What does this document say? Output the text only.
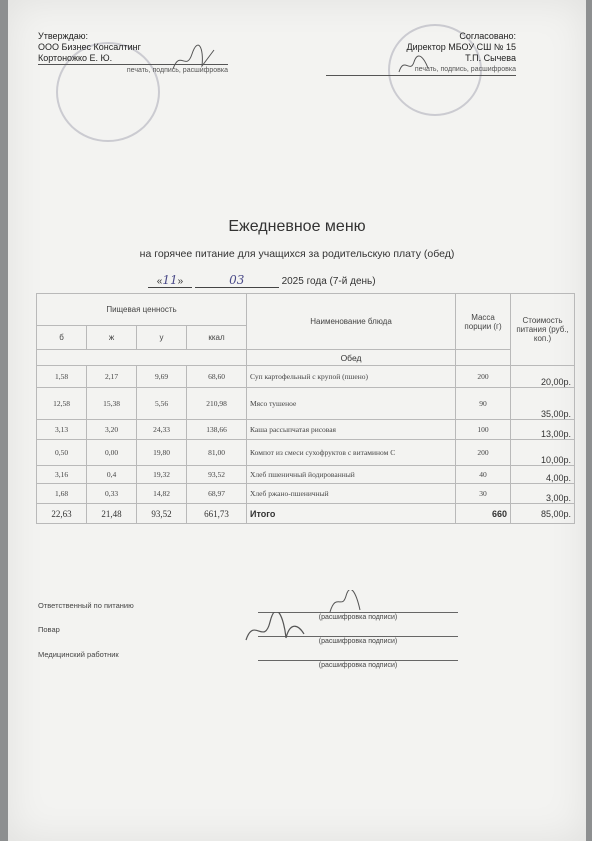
Утверждаю:
ООО Бизнес Консалтинг
Кортоножко Е. Ю.
печать, подпись, расшифровка
Согласовано:
Директор МБОУ СШ № 15
Т.П. Сычева
печать, подпись, расшифровка
Ежедневное меню
на горячее питание для учащихся за родительскую плату (обед)
«11»	03	2025 года (7-й день)
Пищевая ценность				Наименование блюда	Масса порции (г)	Стоимость питания (руб., коп.)
б	ж	у	ккал			
				Обед		
1,58	2,17	9,69	68,60	Суп картофельный с крупой (пшено)	200	20,00р.
12,58	15,38	5,56	210,98	Мясо тушеное	90	35,00р.
3,13	3,20	24,33	138,66	Каша рассыпчатая рисовая	100	13,00р.
0,50	0,00	19,80	81,00	Компот из смеси сухофруктов с витамином С	200	10,00р.
3,16	0,4	19,32	93,52	Хлеб пшеничный йодированный	40	4,00р.
1,68	0,33	14,82	68,97	Хлеб ржано-пшеничный	30	3,00р.
22,63	21,48	93,52	661,73	Итого	660	85,00р.
Ответственный по питанию
Повар
Медицинский работник
(расшифровка подписи)
(расшифровка подписи)
(расшифровка подписи)
